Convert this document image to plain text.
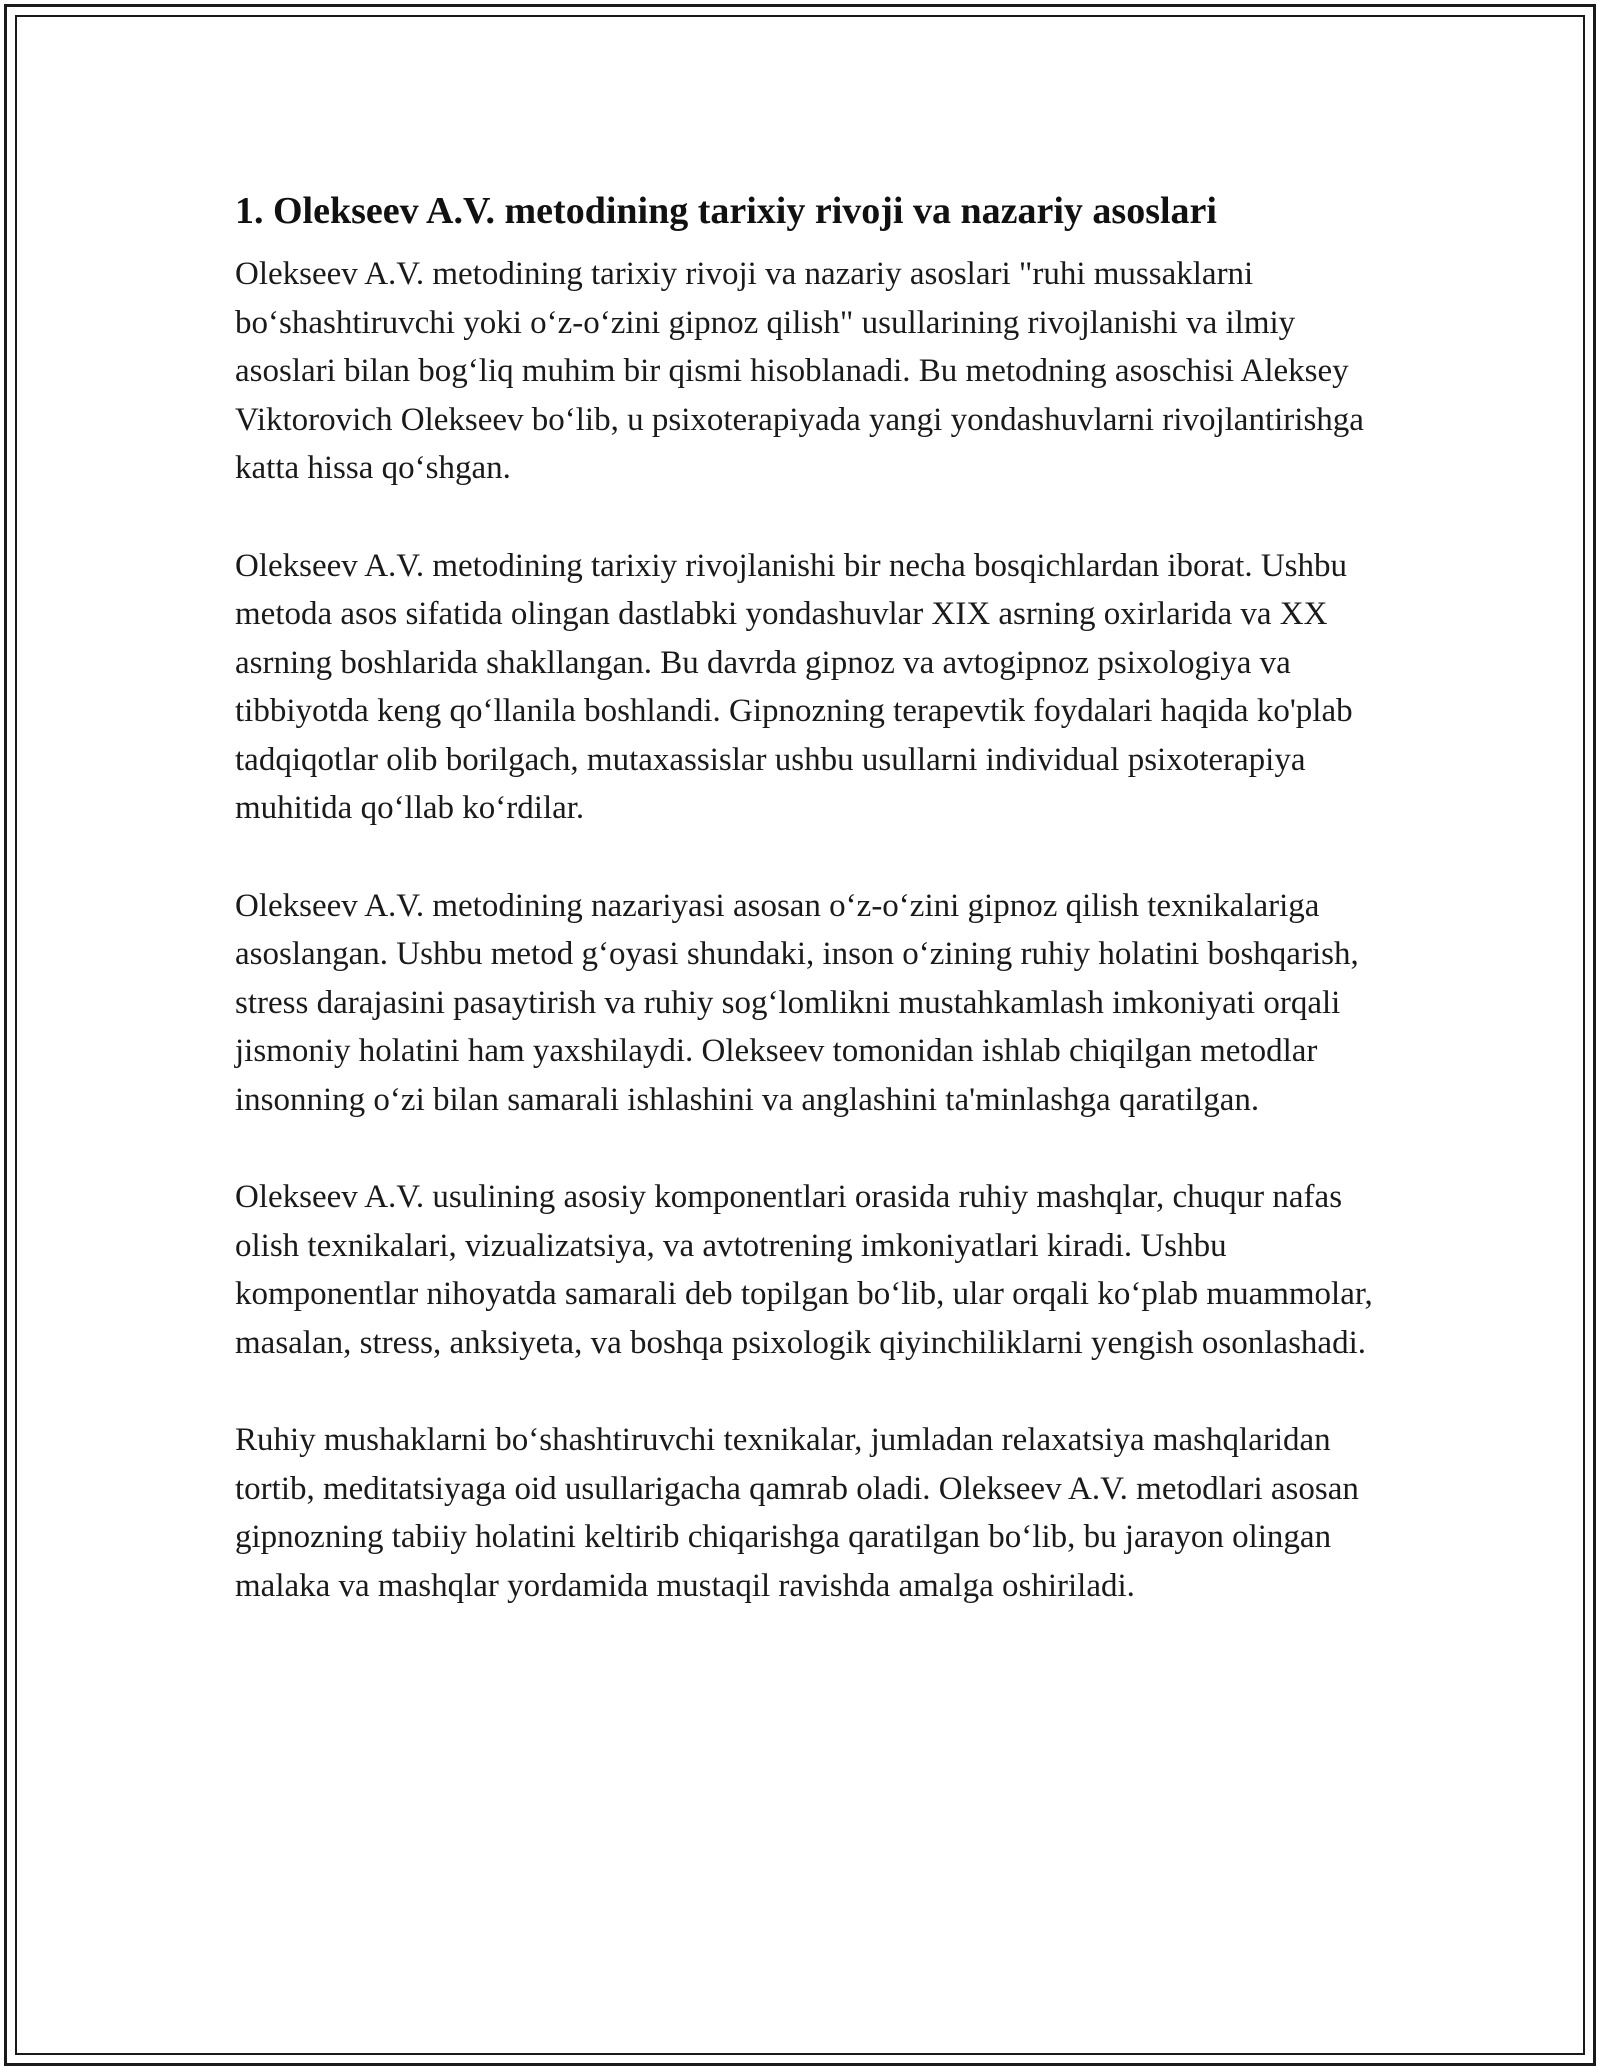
1. Olekseev A.V. metodining tarixiy rivoji va nazariy asoslari

Olekseev A.V. metodining tarixiy rivoji va nazariy asoslari "ruhi mussaklarni bo‘shashtiruvchi yoki o‘z-o‘zini gipnoz qilish" usullarining rivojlanishi va ilmiy asoslari bilan bog‘liq muhim bir qismi hisoblanadi. Bu metodning asoschisi Aleksey Viktorovich Olekseev bo‘lib, u psixoterapiyada yangi yondashuvlarni rivojlantirishga katta hissa qo‘shgan.

Olekseev A.V. metodining tarixiy rivojlanishi bir necha bosqichlardan iborat. Ushbu metoda asos sifatida olingan dastlabki yondashuvlar XIX asrning oxirlarida va XX asrning boshlarida shakllangan. Bu davrda gipnoz va avtogipnoz psixologiya va tibbiyotda keng qo‘llanila boshlandi. Gipnozning terapevtik foydalari haqida ko'plab tadqiqotlar olib borilgach, mutaxassislar ushbu usullarni individual psixoterapiya muhitida qo‘llab ko‘rdilar.

Olekseev A.V. metodining nazariyasi asosan o‘z-o‘zini gipnoz qilish texnikalariga asoslangan. Ushbu metod g‘oyasi shundaki, inson o‘zining ruhiy holatini boshqarish, stress darajasini pasaytirish va ruhiy sog‘lomlikni mustahkamlash imkoniyati orqali jismoniy holatini ham yaxshilaydi. Olekseev tomonidan ishlab chiqilgan metodlar insonning o‘zi bilan samarali ishlashini va anglashini ta'minlashga qaratilgan.

Olekseev A.V. usulining asosiy komponentlari orasida ruhiy mashqlar, chuqur nafas olish texnikalari, vizualizatsiya, va avtotrening imkoniyatlari kiradi. Ushbu komponentlar nihoyatda samarali deb topilgan bo‘lib, ular orqali ko‘plab muammolar, masalan, stress, anksiyeta, va boshqa psixologik qiyinchiliklarni yengish osonlashadi.

Ruhiy mushaklarni bo‘shashtiruvchi texnikalar, jumladan relaxatsiya mashqlaridan tortib, meditatsiyaga oid usullarigacha qamrab oladi. Olekseev A.V. metodlari asosan gipnozning tabiiy holatini keltirib chiqarishga qaratilgan bo‘lib, bu jarayon olingan malaka va mashqlar yordamida mustaqil ravishda amalga oshiriladi.
